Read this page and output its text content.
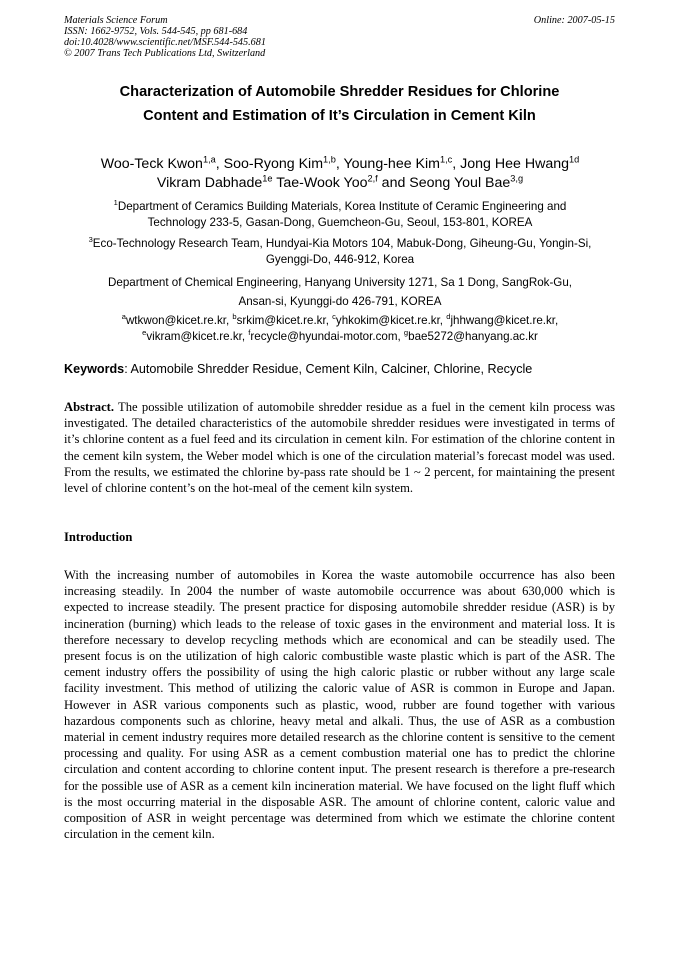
Materials Science Forum
ISSN: 1662-9752, Vols. 544-545, pp 681-684
doi:10.4028/www.scientific.net/MSF.544-545.681
© 2007 Trans Tech Publications Ltd, Switzerland
Online: 2007-05-15
Characterization of Automobile Shredder Residues for Chlorine
Content and Estimation of It’s Circulation in Cement Kiln
Woo-Teck Kwon$^{1,a}$, Soo-Ryong Kim$^{1,b}$, Young-hee Kim$^{1,c}$, Jong Hee Hwang$^{1d}$
Vikram Dabhade$^{1e}$ Tae-Wook Yoo$^{2,f}$ and Seong Youl Bae$^{3,g}$
$^1$Department of Ceramics Building Materials, Korea Institute of Ceramic Engineering and
Technology 233-5, Gasan-Dong, Guemcheon-Gu, Seoul, 153-801, KOREA
$^3$Eco-Technology Research Team, Hundyai-Kia Motors 104, Mabuk-Dong, Giheung-Gu, Yongin-Si,
Gyenggi-Do, 446-912, Korea
Department of Chemical Engineering, Hanyang University 1271, Sa 1 Dong, SangRok-Gu,
Ansan-si, Kyunggi-do 426-791, KOREA
$^a$wtkwon@kicet.re.kr, $^b$srkim@kicet.re.kr, $^c$yhkokim@kicet.re.kr, $^d$jhhwang@kicet.re.kr,
$^e$vikram@kicet.re.kr, $^f$recycle@hyundai-motor.com, $^g$bae5272@hanyang.ac.kr
Keywords: Automobile Shredder Residue, Cement Kiln, Calciner, Chlorine, Recycle
Abstract. The possible utilization of automobile shredder residue as a fuel in the cement kiln process was investigated. The detailed characteristics of the automobile shredder residues were investigated in terms of it’s chlorine content as a fuel feed and its circulation in cement kiln. For estimation of the chlorine content in the cement kiln system, the Weber model which is one of the circulation material’s forecast model was used. From the results, we estimated the chlorine by-pass rate should be 1 ~ 2 percent, for maintaining the present level of chlorine content’s on the hot-meal of the cement kiln system.
Introduction
With the increasing number of automobiles in Korea the waste automobile occurrence has also been increasing steadily. In 2004 the number of waste automobile occurrence was about 630,000 which is expected to increase steadily. The present practice for disposing automobile shredder residue (ASR) is by incineration (burning) which leads to the release of toxic gases in the environment and material loss. It is therefore necessary to develop recycling methods which are economical and can be steadily used. The present focus is on the utilization of high caloric combustible waste plastic which is part of the ASR. The cement industry offers the possibility of using the high caloric plastic or rubber without any large scale facility investment. This method of utilizing the caloric value of ASR is common in Europe and Japan. However in ASR various components such as plastic, wood, rubber are found together with various hazardous components such as chlorine, heavy metal and alkali. Thus, the use of ASR as a combustion material in cement industry requires more detailed research as the chlorine content is sensitive to the cement processing and quality. For using ASR as a cement combustion material one has to predict the chlorine circulation and content according to chlorine content input. The present research is therefore a pre-research for the possible use of ASR as a cement kiln incineration material. We have focused on the light fluff which is the most occurring material in the disposable ASR. The amount of chlorine content, caloric value and composition of ASR in weight percentage was determined from which we estimate the chlorine content circulation in the cement kiln.
